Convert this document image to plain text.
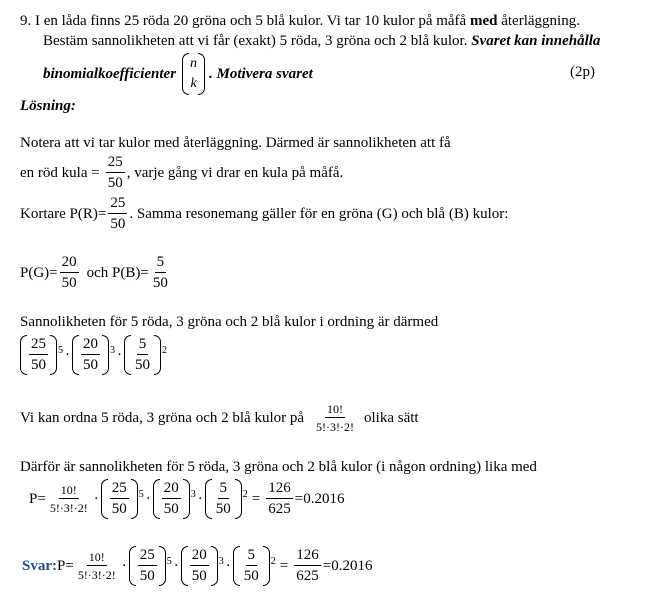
9. I en låda finns 25 röda 20 gröna och 5 blå kulor. Vi tar 10 kulor på måfå med återläggning.
Bestäm sannolikheten att vi får (exakt) 5 röda, 3 gröna och 2 blå kulor. Svaret kan innehålla
binomialkoefficienter
n
k
. Motivera svaret	(2p)
Lösning:
Notera att vi tar kulor med återläggning. Därmed är sannolikheten att få
en röd kula = $\frac{25}{50}$ , varje gång vi drar en kula på måfå.
Kortare $P(R)= \frac{25}{50}$ . Samma resonemang gäller för en gröna (G) och blå (B) kulor:
$P(G)= \frac{20}{50}$ och $P(B)= \frac{5}{50}$
Sannolikheten för 5 röda, 3 gröna och 2 blå kulor i ordning är därmed
$\frac{25}{50} ^5 \cdot \frac{20}{50} ^3 \cdot \frac{5}{50} ^2$
Vi kan ordna 5 röda, 3 gröna och 2 blå kulor på $\frac{10!}{5!\cdot 3!\cdot 2!}$ olika sätt
Därför är sannolikheten för 5 röda, 3 gröna och 2 blå kulor (i någon ordning) lika med
$P= \frac{10!}{5!\cdot 3!\cdot 2!} \cdot \frac{25}{50} ^5 \cdot \frac{20}{50} ^3 \cdot \frac{5}{50} ^2 = \frac{126}{625} =0.2016$
Svar: $P= \frac{10!}{5!\cdot 3!\cdot 2!} \cdot \frac{25}{50} ^5 \cdot \frac{20}{50} ^3 \cdot \frac{5}{50} ^2 = \frac{126}{625} =0.2016$
